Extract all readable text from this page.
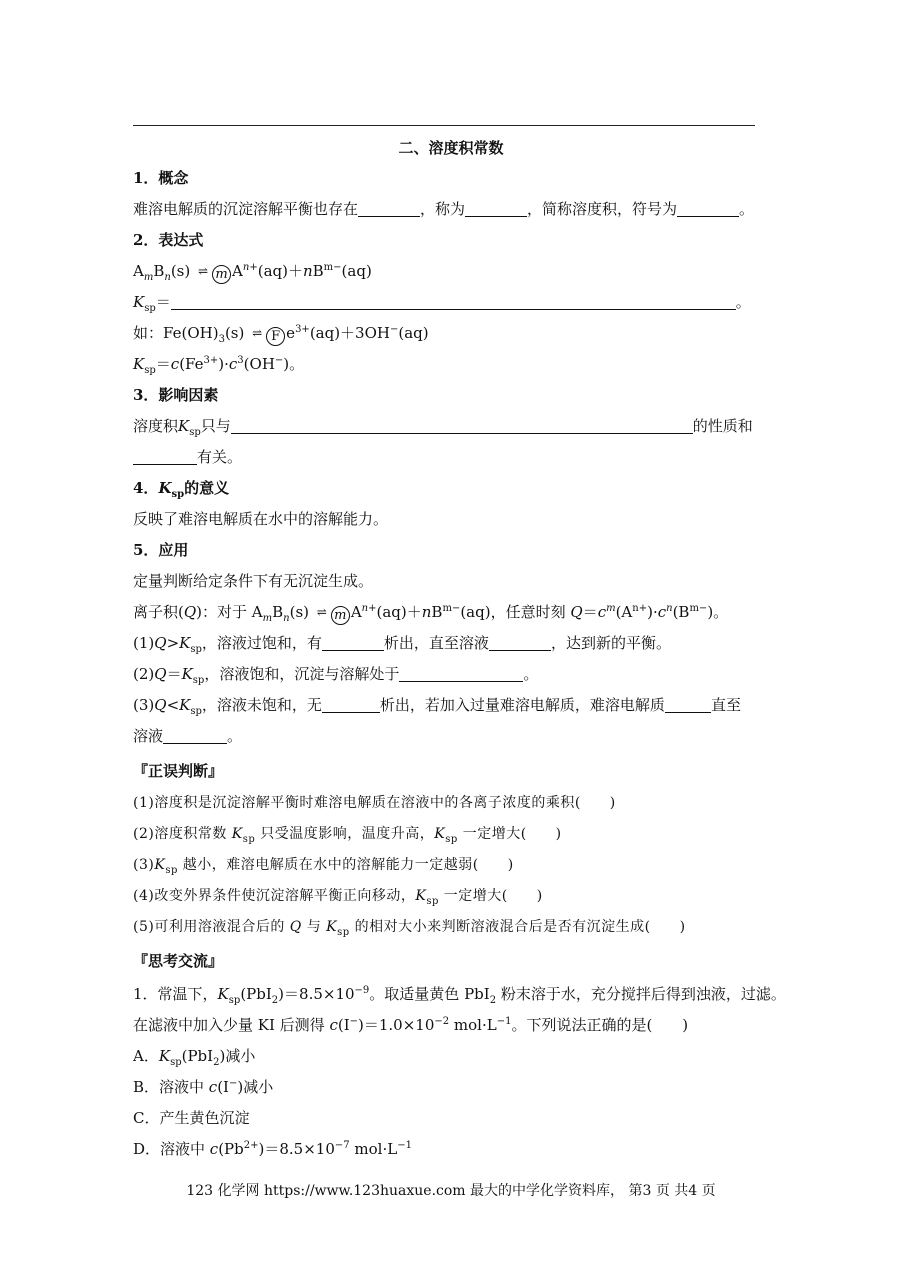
二、溶度积常数
1．概念
难溶电解质的沉淀溶解平衡也存在	，称为	，简称溶度积，符号为	。
2．表达式
$A_mB_n(s)$ ⇌ m $A^{n+}(aq)+nB^{m-}(aq)$
$K_{sp}=$	。
如：$Fe(OH)_3(s)$ ⇌ F $e^{3+}(aq)+3OH^-(aq)$
$K_{sp}=c(Fe^{3+})\cdot c^3(OH^-)$。
3．影响因素
溶度积$K_{sp}$只与	的性质和
有关。
4．$K_{sp}$的意义
反映了难溶电解质在水中的溶解能力。
5．应用
定量判断给定条件下有无沉淀生成。
离子积(Q)：对于 $A_mB_n(s)$ ⇌ m $A^{n+}(aq)+nB^{m-}(aq)$，任意时刻 $Q=c^m(A^{n+})\cdot c^n(B^{m-})$。
$(1)Q>K_{sp}$，溶液过饱和，有	析出，直至溶液	，达到新的平衡。
$(2)Q=K_{sp}$，溶液饱和，沉淀与溶解处于	。
$(3)Q<K_{sp}$，溶液未饱和，无	析出，若加入过量难溶电解质，难溶电解质	直至
溶液	。
『正误判断』
(1)溶度积是沉淀溶解平衡时难溶电解质在溶液中的各离子浓度的乘积(　　)
(2)溶度积常数 $K_{sp}$ 只受温度影响，温度升高，$K_{sp}$ 一定增大(　　)
$(3)K_{sp}$ 越小，难溶电解质在水中的溶解能力一定越弱(　　)
(4)改变外界条件使沉淀溶解平衡正向移动，$K_{sp}$ 一定增大(　　)
(5)可利用溶液混合后的 Q 与 $K_{sp}$ 的相对大小来判断溶液混合后是否有沉淀生成(　　)
『思考交流』
1．常温下，$K_{sp}(PbI_2)=8.5\times 10^{-9}$。取适量黄色 PbI$_2$ 粉末溶于水，充分搅拌后得到浊液，过滤。
在滤液中加入少量 KI 后测得 $c(I^-)=1.0\times 10^{-2}$ $mol\cdot L^{-1}$。下列说法正确的是(　　)
A．$K_{sp}(PbI_2)$减小
B．溶液中 c(I−)减小
C．产生黄色沉淀
D．溶液中 $c(Pb^{2+})=8.5\times 10^{-7}$ $mol\cdot L^{-1}$
123 化学网 https://www.123huaxue.com 最大的中学化学资料库， 第3 页 共4 页
